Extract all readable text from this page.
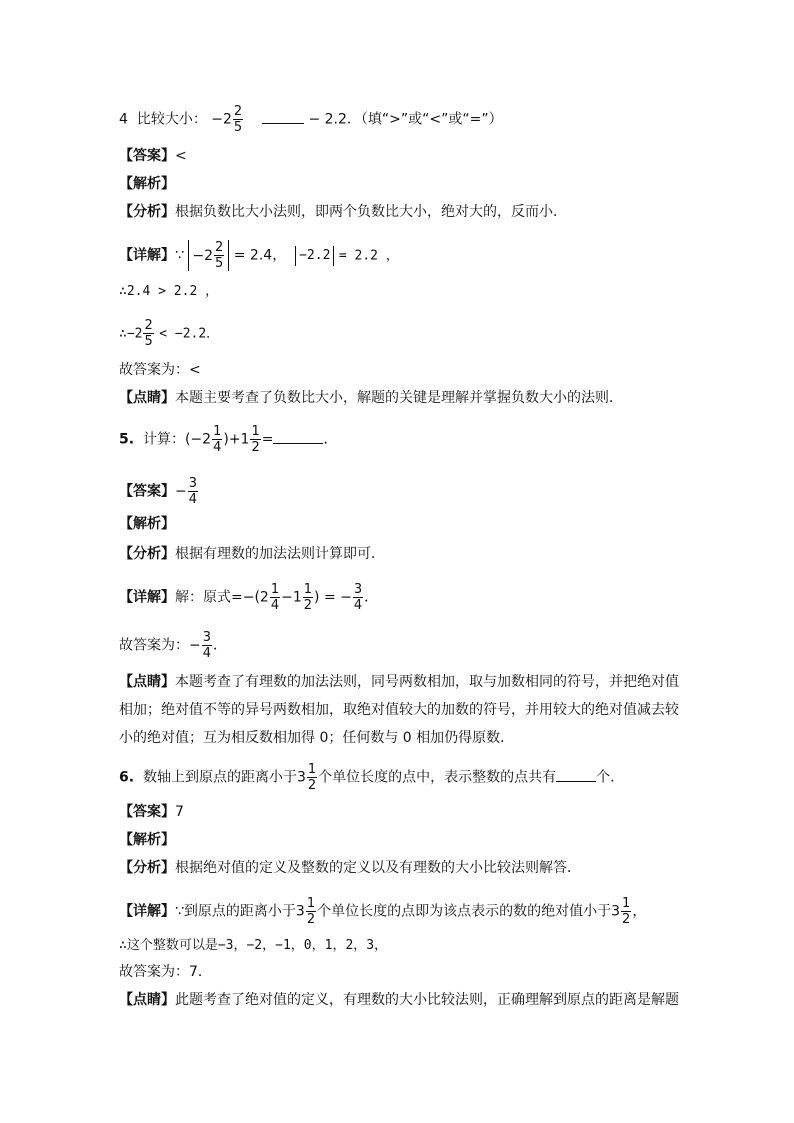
4 比较大小： $-2 \frac{2}{5}$	− 2.2．（填“>”或“<”或“=”）
【答案】<
【解析】
【分析】根据负数比大小法则，即两个负数比大小，绝对大的，反而小．
【详解】∵ $-2 \frac{2}{5} = 2.4$， −2.2 = 2.2 ，
∴2.4 > 2.2 ，
∴−2 $\frac{2}{5} < -2.2$．
故答案为：<
【点睛】本题主要考查了负数比大小，解题的关键是理解并掌握负数大小的法则．
5. 计算：$(-2 \frac{1}{4} )+1 \frac{1}{2}$ =	．
【答案】− $\frac{3}{4}$
【解析】
【分析】根据有理数的加法法则计算即可．
【详解】解：原式$=-(2 \frac{1}{4} -1 \frac{1}{2}$ ) = − $\frac{3}{4}$ ．
故答案为：− $\frac{3}{4}$ ．
【点睛】本题考查了有理数的加法法则，同号两数相加，取与加数相同的符号，并把绝对值
相加；绝对值不等的异号两数相加，取绝对值较大的加数的符号，并用较大的绝对值减去较
小的绝对值；互为相反数相加得 0；任何数与 0 相加仍得原数．
6. 数轴上到原点的距离小于$3 \frac{1}{2}$ 个单位长度的点中，表示整数的点共有	个．
【答案】7
【解析】
【分析】根据绝对值的定义及整数的定义以及有理数的大小比较法则解答．
【详解】∵到原点的距离小于$3 \frac{1}{2}$ 个单位长度的点即为该点表示的数的绝对值小于$3 \frac{1}{2}$ ，
∴这个整数可以是−3，−2，−1，0，1，2，3，
故答案为：7．
【点睛】此题考查了绝对值的定义，有理数的大小比较法则，正确理解到原点的距离是解题
